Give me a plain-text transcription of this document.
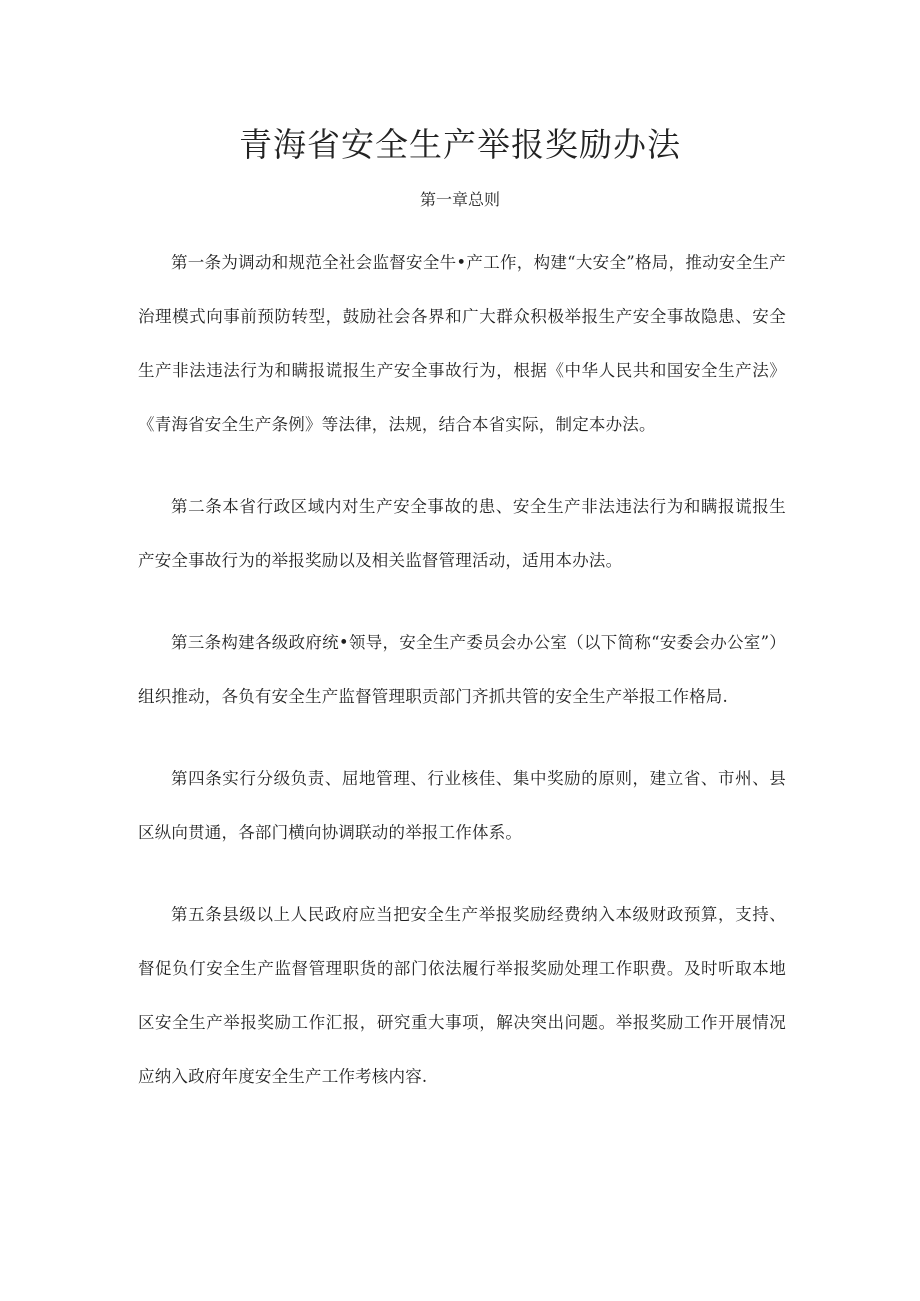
青海省安全生产举报奖励办法

第一章总则

第一条为调动和规范全社会监督安全牛•产工作，构建“大安全”格局，推动安全生产治理模式向事前预防转型，鼓励社会各界和广大群众积极举报生产安全事故隐患、安全生产非法违法行为和瞒报谎报生产安全事故行为，根据《中华人民共和国安全生产法》《青海省安全生产条例》等法律，法规，结合本省实际，制定本办法。

第二条本省行政区域内对生产安全事故的患、安全生产非法违法行为和瞒报谎报生产安全事故行为的举报奖励以及相关监督管理活动，适用本办法。

第三条构建各级政府统•领导，安全生产委员会办公室（以下简称“安委会办公室”）组织推动，各负有安全生产监督管理职贡部门齐抓共管的安全生产举报工作格局.

第四条实行分级负责、屈地管理、行业核佳、集中奖励的原则，建立省、市州、县区纵向贯通，各部门横向协调联动的举报工作体系。

第五条县级以上人民政府应当把安全生产举报奖励经费纳入本级财政预算，支持、督促负仃安全生产监督管理职货的部门依法履行举报奖励处理工作职费。及时听取本地区安全生产举报奖励工作汇报，研究重大事项，解决突出问题。举报奖励工作开展情况应纳入政府年度安全生产工作考核内容.
